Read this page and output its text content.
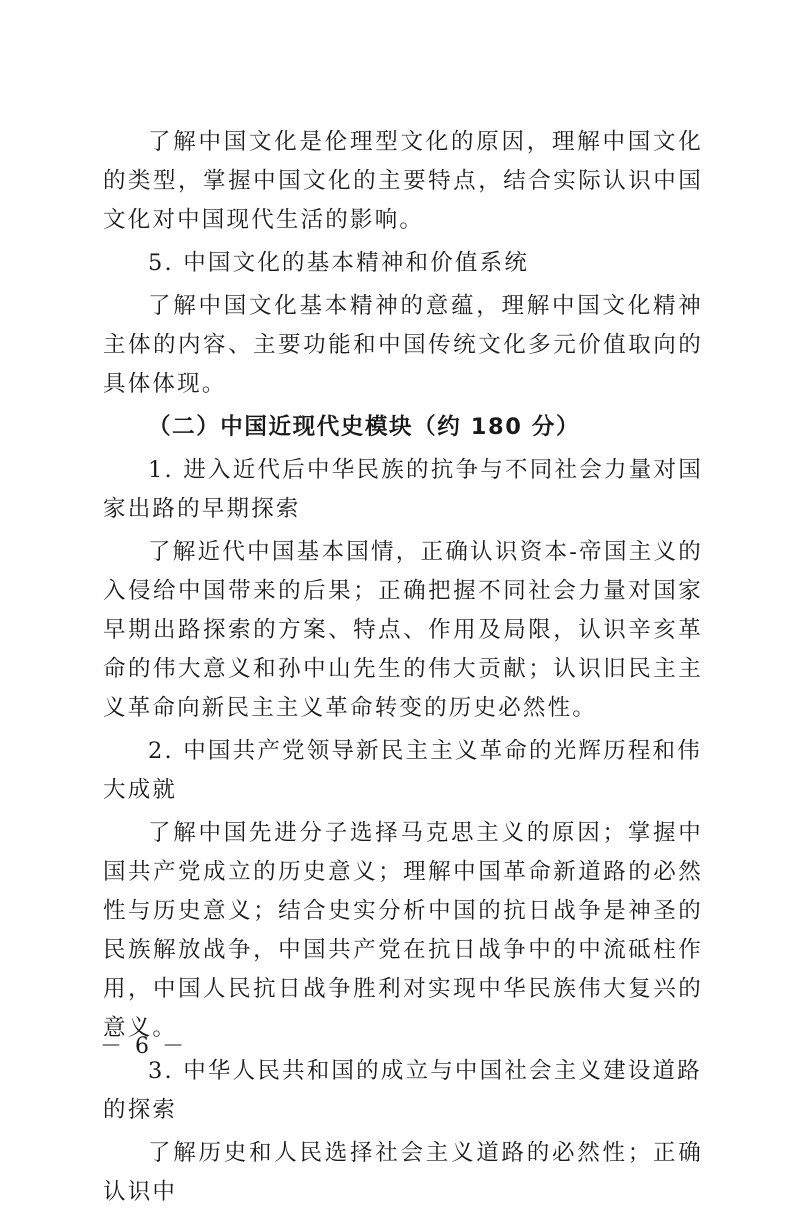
了解中国文化是伦理型文化的原因，理解中国文化的类型，掌握中国文化的主要特点，结合实际认识中国文化对中国现代生活的影响。

5. 中国文化的基本精神和价值系统

了解中国文化基本精神的意蕴，理解中国文化精神主体的内容、主要功能和中国传统文化多元价值取向的具体体现。

（二）中国近现代史模块（约 180 分）

1. 进入近代后中华民族的抗争与不同社会力量对国家出路的早期探索

了解近代中国基本国情，正确认识资本-帝国主义的入侵给中国带来的后果；正确把握不同社会力量对国家早期出路探索的方案、特点、作用及局限，认识辛亥革命的伟大意义和孙中山先生的伟大贡献；认识旧民主主义革命向新民主主义革命转变的历史必然性。

2. 中国共产党领导新民主主义革命的光辉历程和伟大成就

了解中国先进分子选择马克思主义的原因；掌握中国共产党成立的历史意义；理解中国革命新道路的必然性与历史意义；结合史实分析中国的抗日战争是神圣的民族解放战争，中国共产党在抗日战争中的中流砥柱作用，中国人民抗日战争胜利对实现中华民族伟大复兴的意义。

3. 中华人民共和国的成立与中国社会主义建设道路的探索

了解历史和人民选择社会主义道路的必然性；正确认识中

－ 6 －
